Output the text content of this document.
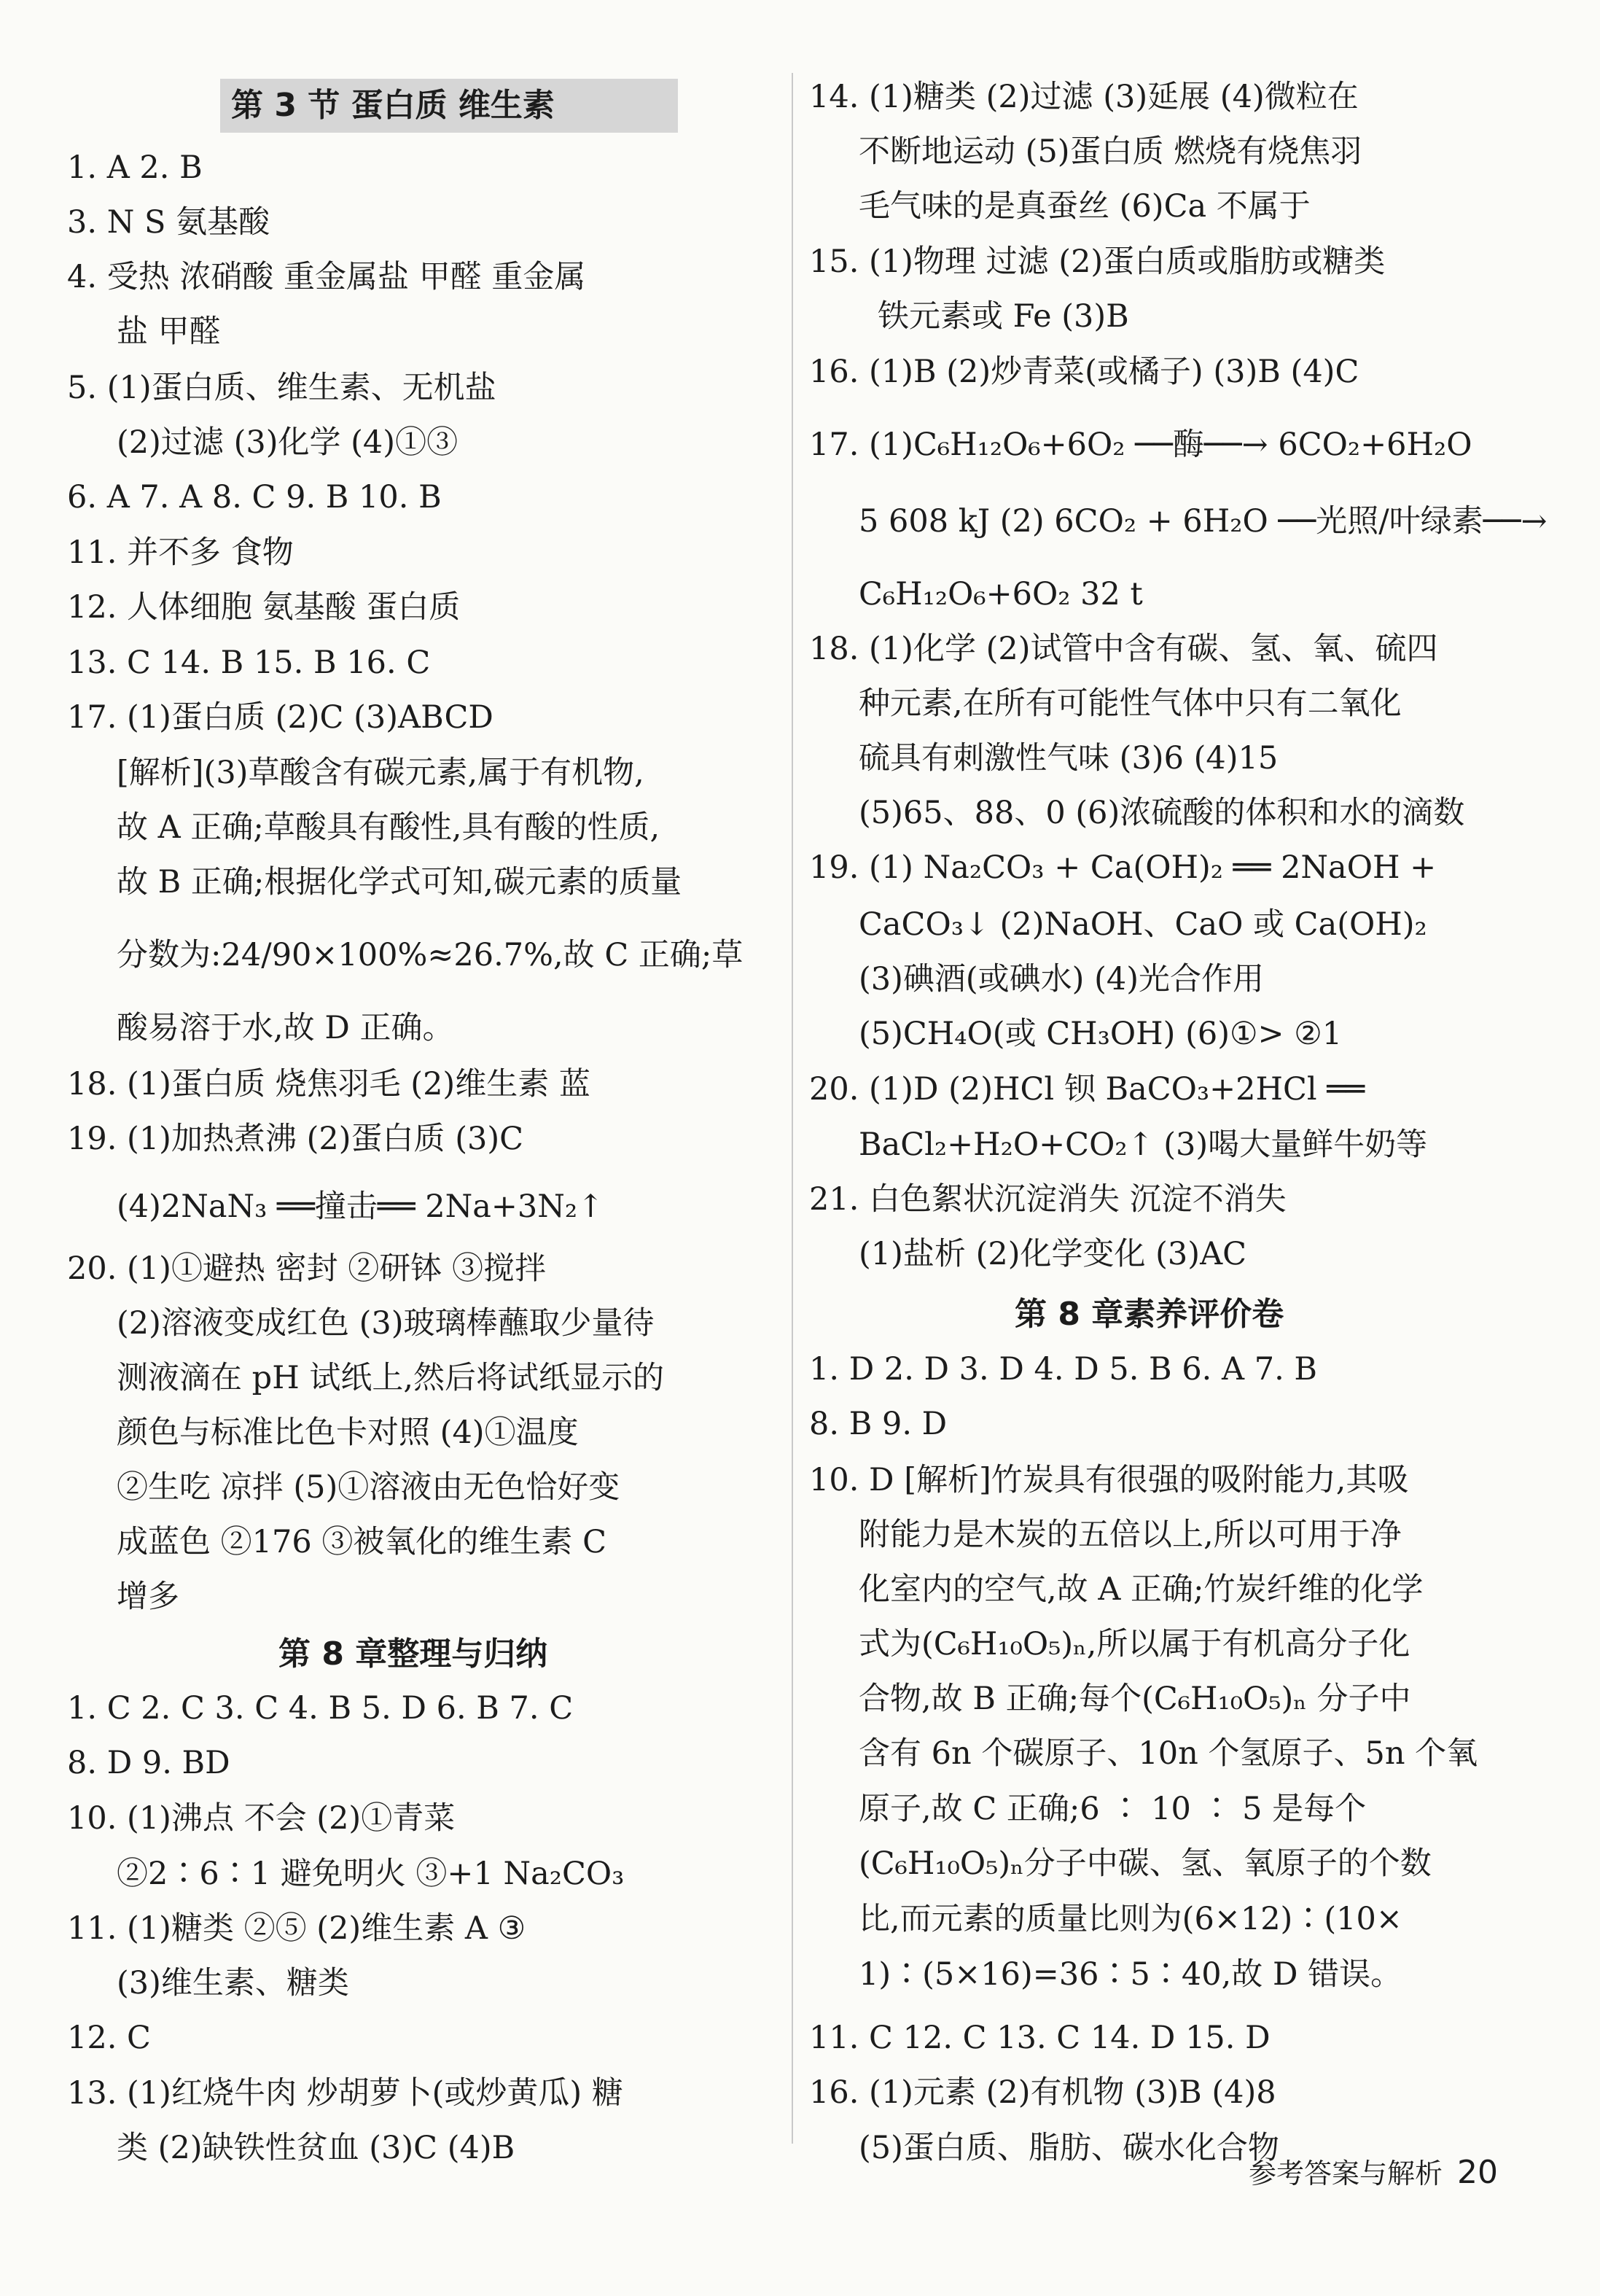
第 3 节 蛋白质 维生素
1. A 2. B
3. N S 氨基酸
4. 受热 浓硝酸 重金属盐 甲醛 重金属
盐 甲醛
5. (1)蛋白质、维生素、无机盐
(2)过滤 (3)化学 (4)①③
6. A 7. A 8. C 9. B 10. B
11. 并不多 食物
12. 人体细胞 氨基酸 蛋白质
13. C 14. B 15. B 16. C
17. (1)蛋白质 (2)C (3)ABCD
[解析](3)草酸含有碳元素,属于有机物,
故 A 正确;草酸具有酸性,具有酸的性质,
故 B 正确;根据化学式可知,碳元素的质量
分数为:24/90×100%≈26.7%,故 C 正确;草
酸易溶于水,故 D 正确。
18. (1)蛋白质 烧焦羽毛 (2)维生素 蓝
19. (1)加热煮沸 (2)蛋白质 (3)C
(4)2NaN₃ ══撞击══ 2Na+3N₂↑
20. (1)①避热 密封 ②研钵 ③搅拌
(2)溶液变成红色 (3)玻璃棒蘸取少量待
测液滴在 pH 试纸上,然后将试纸显示的
颜色与标准比色卡对照 (4)①温度
②生吃 凉拌 (5)①溶液由无色恰好变
成蓝色 ②176 ③被氧化的维生素 C
增多
第 8 章整理与归纳
1. C 2. C 3. C 4. B 5. D 6. B 7. C
8. D 9. BD
10. (1)沸点 不会 (2)①青菜
②2∶6∶1 避免明火 ③+1 Na₂CO₃
11. (1)糖类 ②⑤ (2)维生素 A ③
(3)维生素、糖类
12. C
13. (1)红烧牛肉 炒胡萝卜(或炒黄瓜) 糖
类 (2)缺铁性贫血 (3)C (4)B
14. (1)糖类 (2)过滤 (3)延展 (4)微粒在
不断地运动 (5)蛋白质 燃烧有烧焦羽
毛气味的是真蚕丝 (6)Ca 不属于
15. (1)物理 过滤 (2)蛋白质或脂肪或糖类
铁元素或 Fe (3)B
16. (1)B (2)炒青菜(或橘子) (3)B (4)C
17. (1)C₆H₁₂O₆+6O₂ ──酶──→ 6CO₂+6H₂O
5 608 kJ (2) 6CO₂ + 6H₂O ──光照/叶绿素──→
C₆H₁₂O₆+6O₂ 32 t
18. (1)化学 (2)试管中含有碳、氢、氧、硫四
种元素,在所有可能性气体中只有二氧化
硫具有刺激性气味 (3)6 (4)15
(5)65、88、0 (6)浓硫酸的体积和水的滴数
19. (1) Na₂CO₃ + Ca(OH)₂ ══ 2NaOH +
CaCO₃↓ (2)NaOH、CaO 或 Ca(OH)₂
(3)碘酒(或碘水) (4)光合作用
(5)CH₄O(或 CH₃OH) (6)①> ②1
20. (1)D (2)HCl 钡 BaCO₃+2HCl ══
BaCl₂+H₂O+CO₂↑ (3)喝大量鲜牛奶等
21. 白色絮状沉淀消失 沉淀不消失
(1)盐析 (2)化学变化 (3)AC
第 8 章素养评价卷
1. D 2. D 3. D 4. D 5. B 6. A 7. B
8. B 9. D
10. D [解析]竹炭具有很强的吸附能力,其吸
附能力是木炭的五倍以上,所以可用于净
化室内的空气,故 A 正确;竹炭纤维的化学
式为(C₆H₁₀O₅)ₙ,所以属于有机高分子化
合物,故 B 正确;每个(C₆H₁₀O₅)ₙ 分子中
含有 6n 个碳原子、10n 个氢原子、5n 个氧
原子,故 C 正确;6 ∶ 10 ∶ 5 是每个
(C₆H₁₀O₅)ₙ分子中碳、氢、氧原子的个数
比,而元素的质量比则为(6×12)∶(10×
1)∶(5×16)=36∶5∶40,故 D 错误。
11. C 12. C 13. C 14. D 15. D
16. (1)元素 (2)有机物 (3)B (4)8
(5)蛋白质、脂肪、碳水化合物
参考答案与解析 20
